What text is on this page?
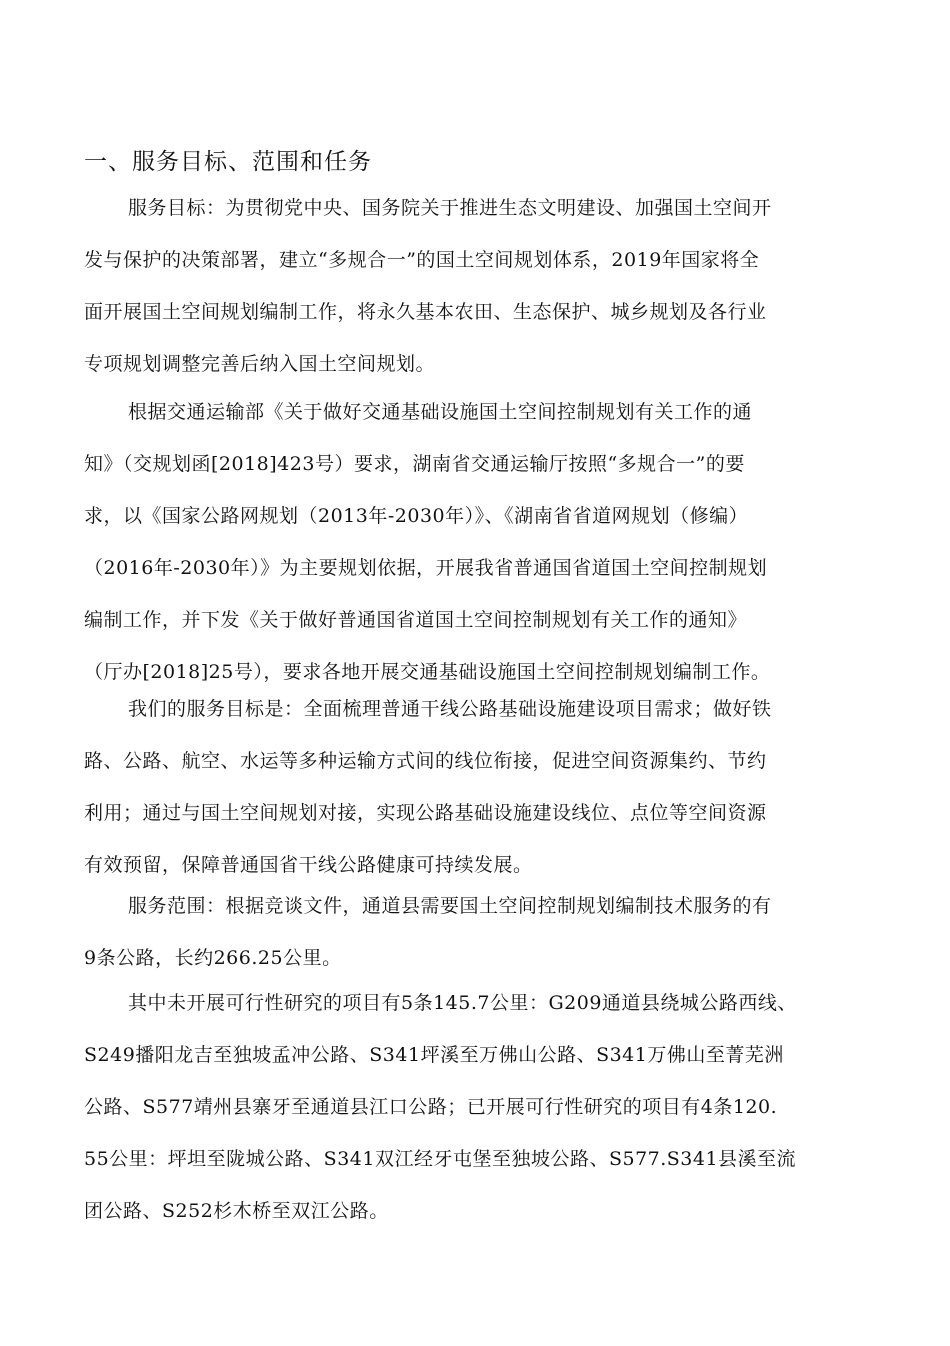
一、服务目标、范围和任务
服务目标：为贯彻党中央、国务院关于推进生态文明建设、加强国土空间开
发与保护的决策部署，建立“多规合一”的国土空间规划体系，2019年国家将全
面开展国土空间规划编制工作，将永久基本农田、生态保护、城乡规划及各行业
专项规划调整完善后纳入国土空间规划。
根据交通运输部《关于做好交通基础设施国土空间控制规划有关工作的通
知》（交规划函[2018]423号）要求，湖南省交通运输厅按照“多规合一”的要
求，以《国家公路网规划（2013年-2030年）》、《湖南省省道网规划（修编）
（2016年-2030年）》为主要规划依据，开展我省普通国省道国土空间控制规划
编制工作，并下发《关于做好普通国省道国土空间控制规划有关工作的通知》
（厅办[2018]25号），要求各地开展交通基础设施国土空间控制规划编制工作。
我们的服务目标是：全面梳理普通干线公路基础设施建设项目需求；做好铁
路、公路、航空、水运等多种运输方式间的线位衔接，促进空间资源集约、节约
利用；通过与国土空间规划对接，实现公路基础设施建设线位、点位等空间资源
有效预留，保障普通国省干线公路健康可持续发展。
服务范围：根据竞谈文件，通道县需要国土空间控制规划编制技术服务的有
9条公路，长约266.25公里。
其中未开展可行性研究的项目有5条145.7公里：G209通道县绕城公路西线、
S249播阳龙吉至独坡孟冲公路、S341坪溪至万佛山公路、S341万佛山至菁芜洲
公路、S577靖州县寨牙至通道县江口公路；已开展可行性研究的项目有4条120.
55公里：坪坦至陇城公路、S341双江经牙屯堡至独坡公路、S577.S341县溪至流
团公路、S252杉木桥至双江公路。
